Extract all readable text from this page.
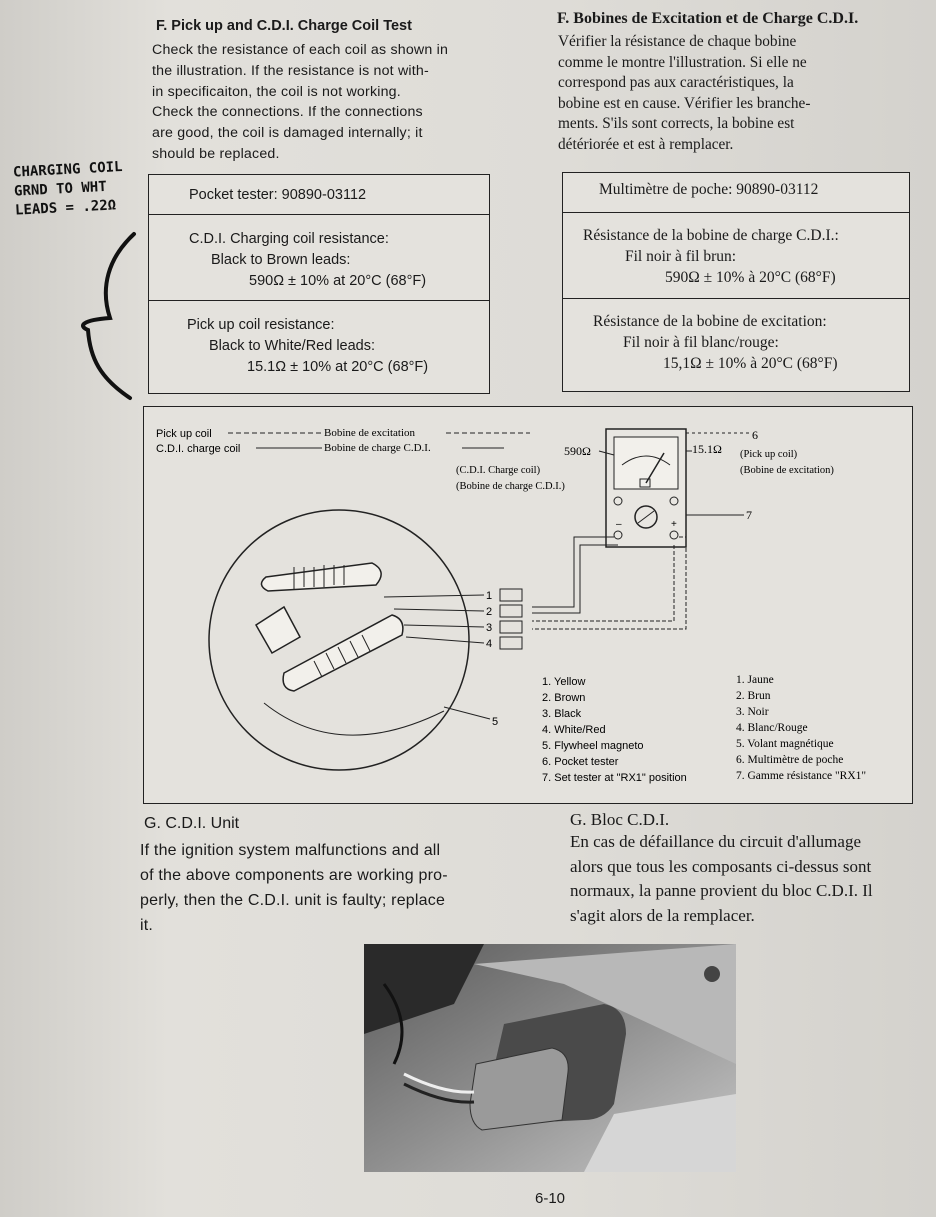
F. Pick up and C.D.I. Charge Coil Test
Check the resistance of each coil as shown in
the illustration. If the resistance is not with-
in specificaiton, the coil is not working.
Check the connections. If the connections
are good, the coil is damaged internally; it
should be replaced.
F. Bobines de Excitation et de Charge C.D.I.
Vérifier la résistance de chaque bobine
comme le montre l'illustration. Si elle ne
correspond pas aux caractéristiques, la
bobine est en cause. Vérifier les branche-
ments. S'ils sont corrects, la bobine est
détériorée et est à remplacer.
CHARGING COIL
GRND TO WHT
LEADS = .22Ω
Pocket tester: 90890-03112
C.D.I. Charging coil resistance:
Black to Brown leads:
590Ω ± 10% at 20°C (68°F)
Pick up coil resistance:
Black to White/Red leads:
15.1Ω ± 10% at 20°C (68°F)
Multimètre de poche: 90890-03112
Résistance de la bobine de charge C.D.I.:
Fil noir à fil brun:
590Ω ± 10% à 20°C (68°F)
Résistance de la bobine de excitation:
Fil noir à fil blanc/rouge:
15,1Ω ± 10% à 20°C (68°F)
Pick up coil	Bobine de excitation
C.D.I. charge coil	Bobine de charge C.D.I.
–	+
590Ω	15.1Ω
(C.D.I. Charge coil)
(Bobine de charge C.D.I.)
(Pick up coil)
(Bobine de excitation)
6
7
1
2
3
4
5
1. Yellow
2. Brown
3. Black
4. White/Red
5. Flywheel magneto
6. Pocket tester
7. Set tester at "RX1" position
1. Jaune
2. Brun
3. Noir
4. Blanc/Rouge
5. Volant magnétique
6. Multimètre de poche
7. Gamme résistance "RX1"
G. C.D.I. Unit
If the ignition system malfunctions and all
of the above components are working pro-
perly, then the C.D.I. unit is faulty; replace
it.
G. Bloc C.D.I.
En cas de défaillance du circuit d'allumage
alors que tous les composants ci-dessus sont
normaux, la panne provient du bloc C.D.I. Il
s'agit alors de la remplacer.
6-10
